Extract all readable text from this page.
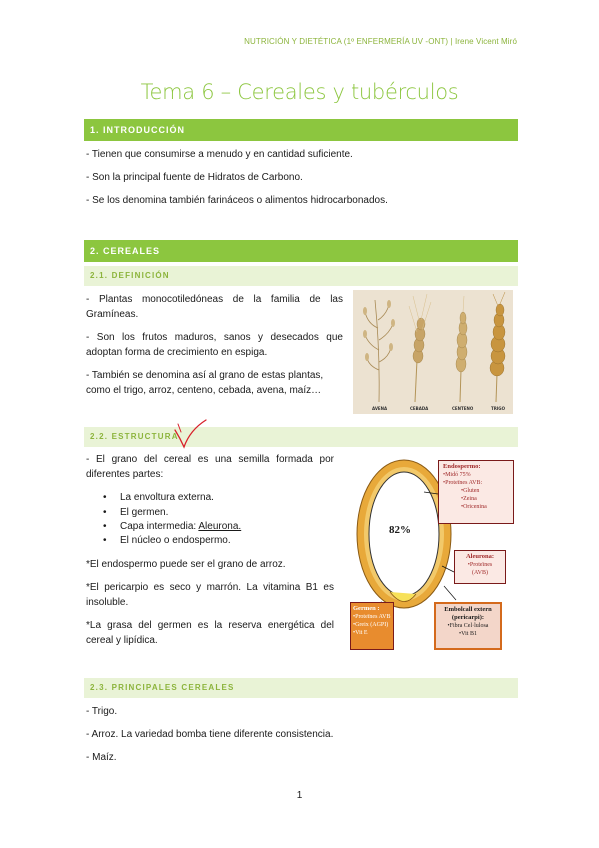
NUTRICIÓN Y DIETÉTICA (1º ENFERMERÍA UV -ONT) | Irene Vicent Miró
Tema 6 – Cereales y tubérculos
1. INTRODUCCIÓN

- Tienen que consumirse a menudo y en cantidad suficiente.

- Son la principal fuente de Hidratos de Carbono.

- Se los denomina también farináceos o alimentos hidrocarbonados.

2. CEREALES
2.1. DEFINICIÓN

- Plantas monocotiledóneas de la familia de las Gramíneas.

- Son los frutos maduros, sanos y desecados que adoptan forma de crecimiento en espiga.

- También se denomina así al grano de estas plantas, como el trigo, arroz, centeno, cebada, avena, maíz…

AVENA	CEBADA	CENTENO	TRIGO
2.2. ESTRUCTURA

- El grano del cereal es una semilla formada por diferentes partes:

• La envoltura externa.
• El germen.
• Capa intermedia: Aleurona.
• El núcleo o endospermo.

*El endospermo puede ser el grano de arroz.

*El pericarpio es seco y marrón. La vitamina B1 es insoluble.

*La grasa del germen es la reserva energética del cereal y lipídica.

82%
Endospermo:
•Midó 75%
•Proteïnes AVB:
•Gluten
•Zeina
•Oricenina
Aleurona:
•Proteïnes
(AVB)
Germen :
•Proteïnes AVB
•Greix (AGPI)
•Vit E
Embolcall extern
(pericarpi):
•Fibra Cel·lulosa
•Vit B1
2.3. PRINCIPALES CEREALES

- Trigo.

- Arroz. La variedad bomba tiene diferente consistencia.

- Maíz.

1
